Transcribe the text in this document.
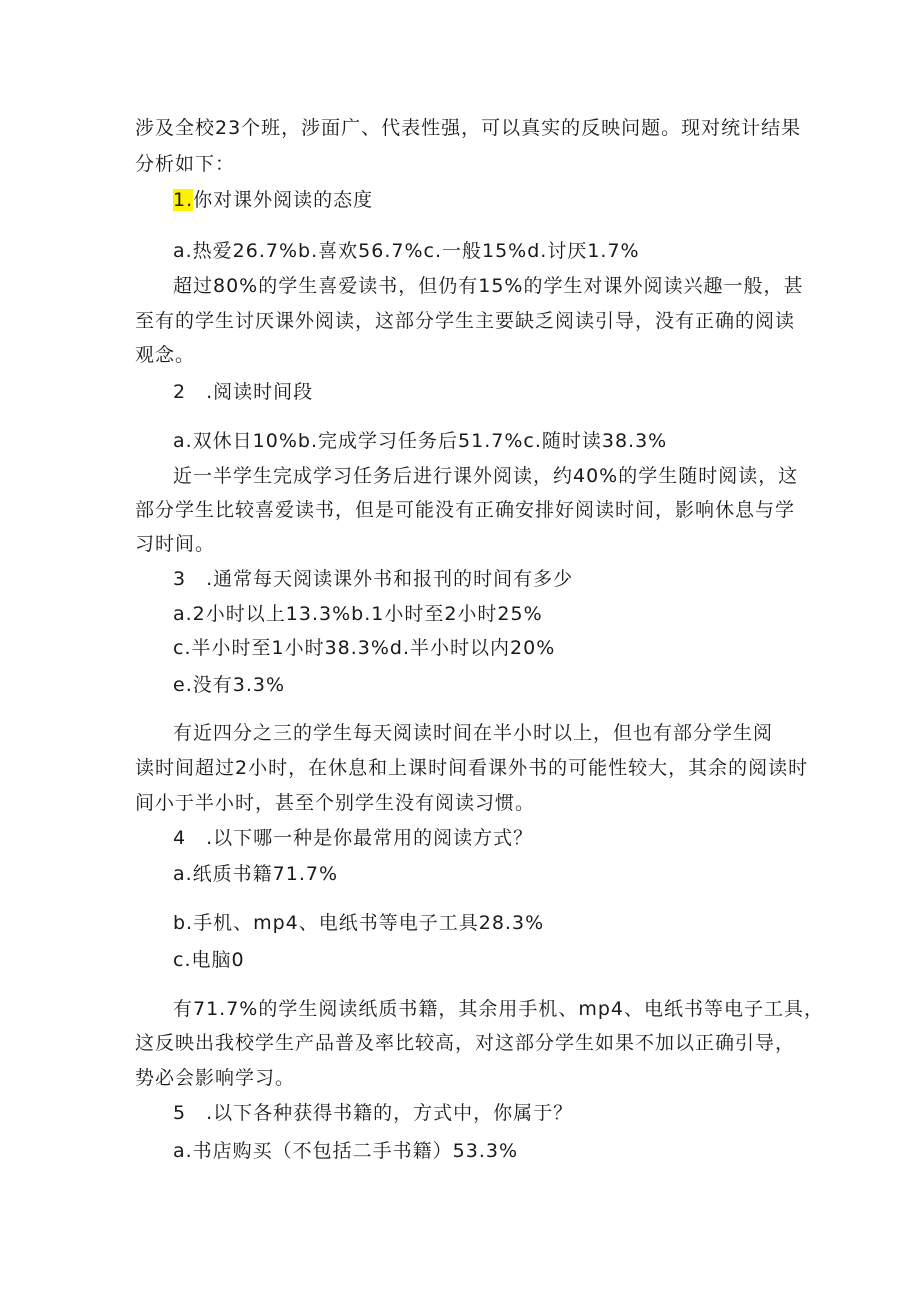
涉及全校23个班，涉面广、代表性强，可以真实的反映问题。现对统计结果

分析如下：

1.你对课外阅读的态度

a.热爱26.7%b.喜欢56.7%c.一般15%d.讨厌1.7%

超过80%的学生喜爱读书，但仍有15%的学生对课外阅读兴趣一般，甚

至有的学生讨厌课外阅读，这部分学生主要缺乏阅读引导，没有正确的阅读

观念。

2　.阅读时间段

a.双休日10%b.完成学习任务后51.7%c.随时读38.3%

近一半学生完成学习任务后进行课外阅读，约40%的学生随时阅读，这

部分学生比较喜爱读书，但是可能没有正确安排好阅读时间，影响休息与学

习时间。

3　.通常每天阅读课外书和报刊的时间有多少

a.2小时以上13.3%b.1小时至2小时25%

c.半小时至1小时38.3%d.半小时以内20%

e.没有3.3%

有近四分之三的学生每天阅读时间在半小时以上，但也有部分学生阅

读时间超过2小时，在休息和上课时间看课外书的可能性较大，其余的阅读时

间小于半小时，甚至个别学生没有阅读习惯。

4　.以下哪一种是你最常用的阅读方式？

a.纸质书籍71.7%

b.手机、mp4、电纸书等电子工具28.3%

c.电脑0

有71.7%的学生阅读纸质书籍，其余用手机、mp4、电纸书等电子工具，

这反映出我校学生产品普及率比较高，对这部分学生如果不加以正确引导，

势必会影响学习。

5　.以下各种获得书籍的，方式中，你属于？

a.书店购买（不包括二手书籍）53.3%
